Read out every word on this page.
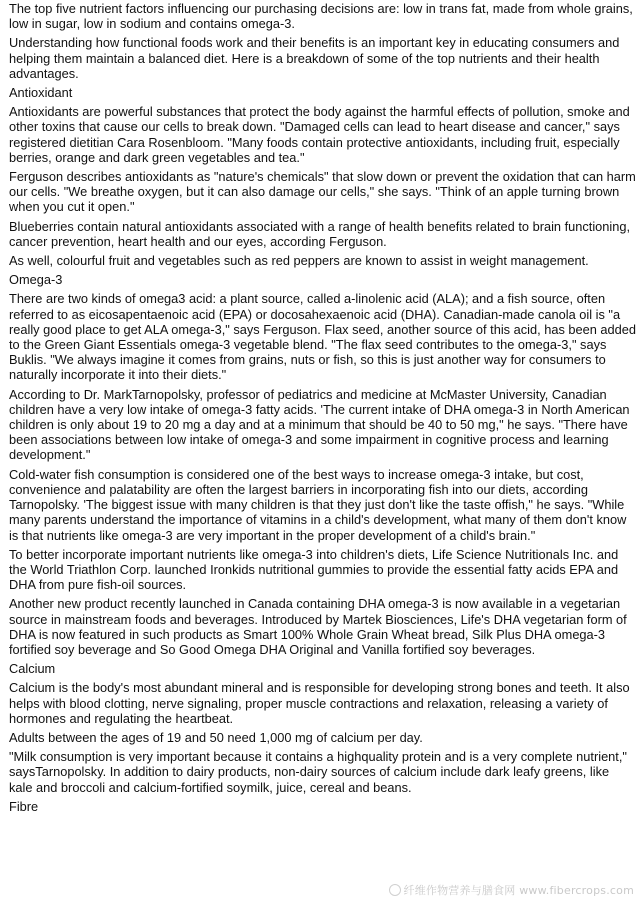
The top five nutrient factors influencing our purchasing decisions are: low in trans fat, made from whole grains, low in sugar, low in sodium and contains omega-3.

Understanding how functional foods work and their benefits is an important key in educating consumers and helping them maintain a balanced diet. Here is a breakdown of some of the top nutrients and their health advantages.

Antioxidant

Antioxidants are powerful substances that protect the body against the harmful effects of pollution, smoke and other toxins that cause our cells to break down. "Damaged cells can lead to heart disease and cancer," says registered dietitian Cara Rosenbloom. "Many foods contain protective antioxidants, including fruit, especially berries, orange and dark green vegetables and tea."

Ferguson describes antioxidants as "nature's chemicals" that slow down or prevent the oxidation that can harm our cells. "We breathe oxygen, but it can also damage our cells," she says. "Think of an apple turning brown when you cut it open."

Blueberries contain natural antioxidants associated with a range of health benefits related to brain functioning, cancer prevention, heart health and our eyes, according Ferguson.

As well, colourful fruit and vegetables such as red peppers are known to assist in weight management.

Omega-3

There are two kinds of omega3 acid: a plant source, called a-linolenic acid (ALA); and a fish source, often referred to as eicosapentaenoic acid (EPA) or docosahexaenoic acid (DHA). Canadian-made canola oil is "a really good place to get ALA omega-3," says Ferguson. Flax seed, another source of this acid, has been added to the Green Giant Essentials omega-3 vegetable blend. "The flax seed contributes to the omega-3," says Buklis. "We always imagine it comes from grains, nuts or fish, so this is just another way for consumers to naturally incorporate it into their diets."

According to Dr. MarkTarnopolsky, professor of pediatrics and medicine at McMaster University, Canadian children have a very low intake of omega-3 fatty acids. 'The current intake of DHA omega-3 in North American children is only about 19 to 20 mg a day and at a minimum that should be 40 to 50 mg," he says. "There have been associations between low intake of omega-3 and some impairment in cognitive process and learning development."

Cold-water fish consumption is considered one of the best ways to increase omega-3 intake, but cost, convenience and palatability are often the largest barriers in incorporating fish into our diets, according Tarnopolsky. 'The biggest issue with many children is that they just don't like the taste offish," he says. "While many parents understand the importance of vitamins in a child's development, what many of them don't know is that nutrients like omega-3 are very important in the proper development of a child's brain."

To better incorporate important nutrients like omega-3 into children's diets, Life Science Nutritionals Inc. and the World Triathlon Corp. launched Ironkids nutritional gummies to provide the essential fatty acids EPA and DHA from pure fish-oil sources.

Another new product recently launched in Canada containing DHA omega-3 is now available in a vegetarian source in mainstream foods and beverages. Introduced by Martek Biosciences, Life's DHA vegetarian form of DHA is now featured in such products as Smart 100% Whole Grain Wheat bread, Silk Plus DHA omega-3 fortified soy beverage and So Good Omega DHA Original and Vanilla fortified soy beverages.

Calcium

Calcium is the body's most abundant mineral and is responsible for developing strong bones and teeth. It also helps with blood clotting, nerve signaling, proper muscle contractions and relaxation, releasing a variety of hormones and regulating the heartbeat.

Adults between the ages of 19 and 50 need 1,000 mg of calcium per day.

"Milk consumption is very important because it contains a highquality protein and is a very complete nutrient," saysTarnopolsky. In addition to dairy products, non-dairy sources of calcium include dark leafy greens, like kale and broccoli and calcium-fortified soymilk, juice, cereal and beans.

Fibre
纤维作物营养与膳食网 www.fibercrops.com
